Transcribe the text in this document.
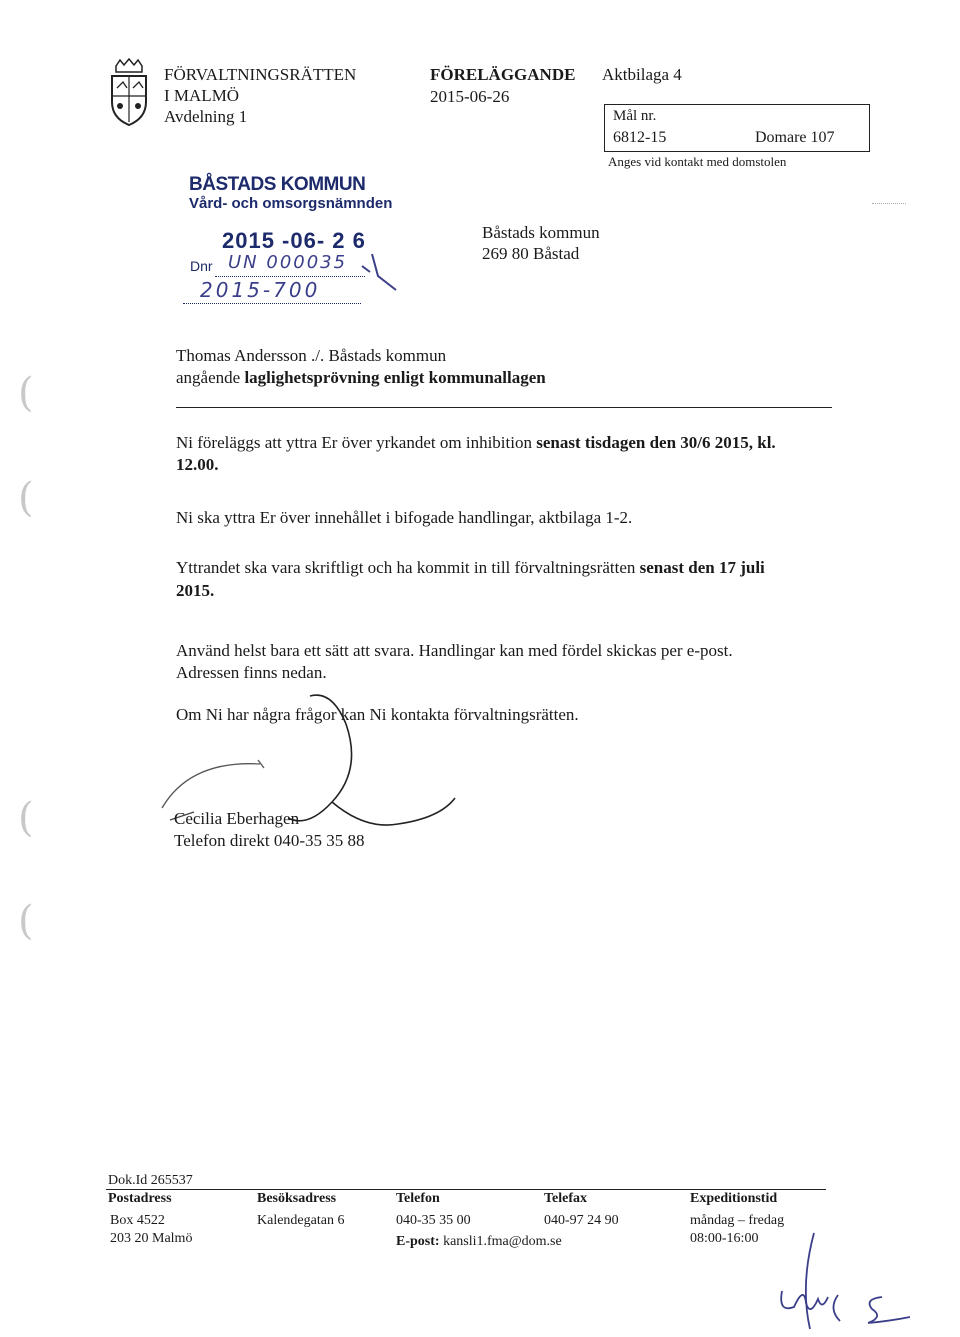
FÖRVALTNINGSRÄTTEN
I MALMÖ
Avdelning 1
FÖRELÄGGANDE
2015-06-26
Aktbilaga 4
Mål nr.
6812-15	Domare 107
Anges vid kontakt med domstolen
BÅSTADS KOMMUN
Vård- och omsorgsnämnden
2015 -06- 2 6
Dnr UN 000035
2015-700
Båstads kommun
269 80 Båstad
(
(
(
(
Thomas Andersson ./. Båstads kommun
angående laglighetsprövning enligt kommunallagen
Ni föreläggs att yttra Er över yrkandet om inhibition senast tisdagen den 30/6 2015, kl.
12.00.
Ni ska yttra Er över innehållet i bifogade handlingar, aktbilaga 1-2.
Yttrandet ska vara skriftligt och ha kommit in till förvaltningsrätten senast den 17 juli
2015.
Använd helst bara ett sätt att svara. Handlingar kan med fördel skickas per e-post.
Adressen finns nedan.
Om Ni har några frågor kan Ni kontakta förvaltningsrätten.
Cecilia Eberhagen
Telefon direkt 040-35 35 88
Dok.Id 265537
Postadress
Box 4522
203 20 Malmö
Besöksadress
Kalendegatan 6
Telefon
040-35 35 00
E-post: kansli1.fma@dom.se
Telefax
040-97 24 90
Expeditionstid
måndag – fredag
08:00-16:00
